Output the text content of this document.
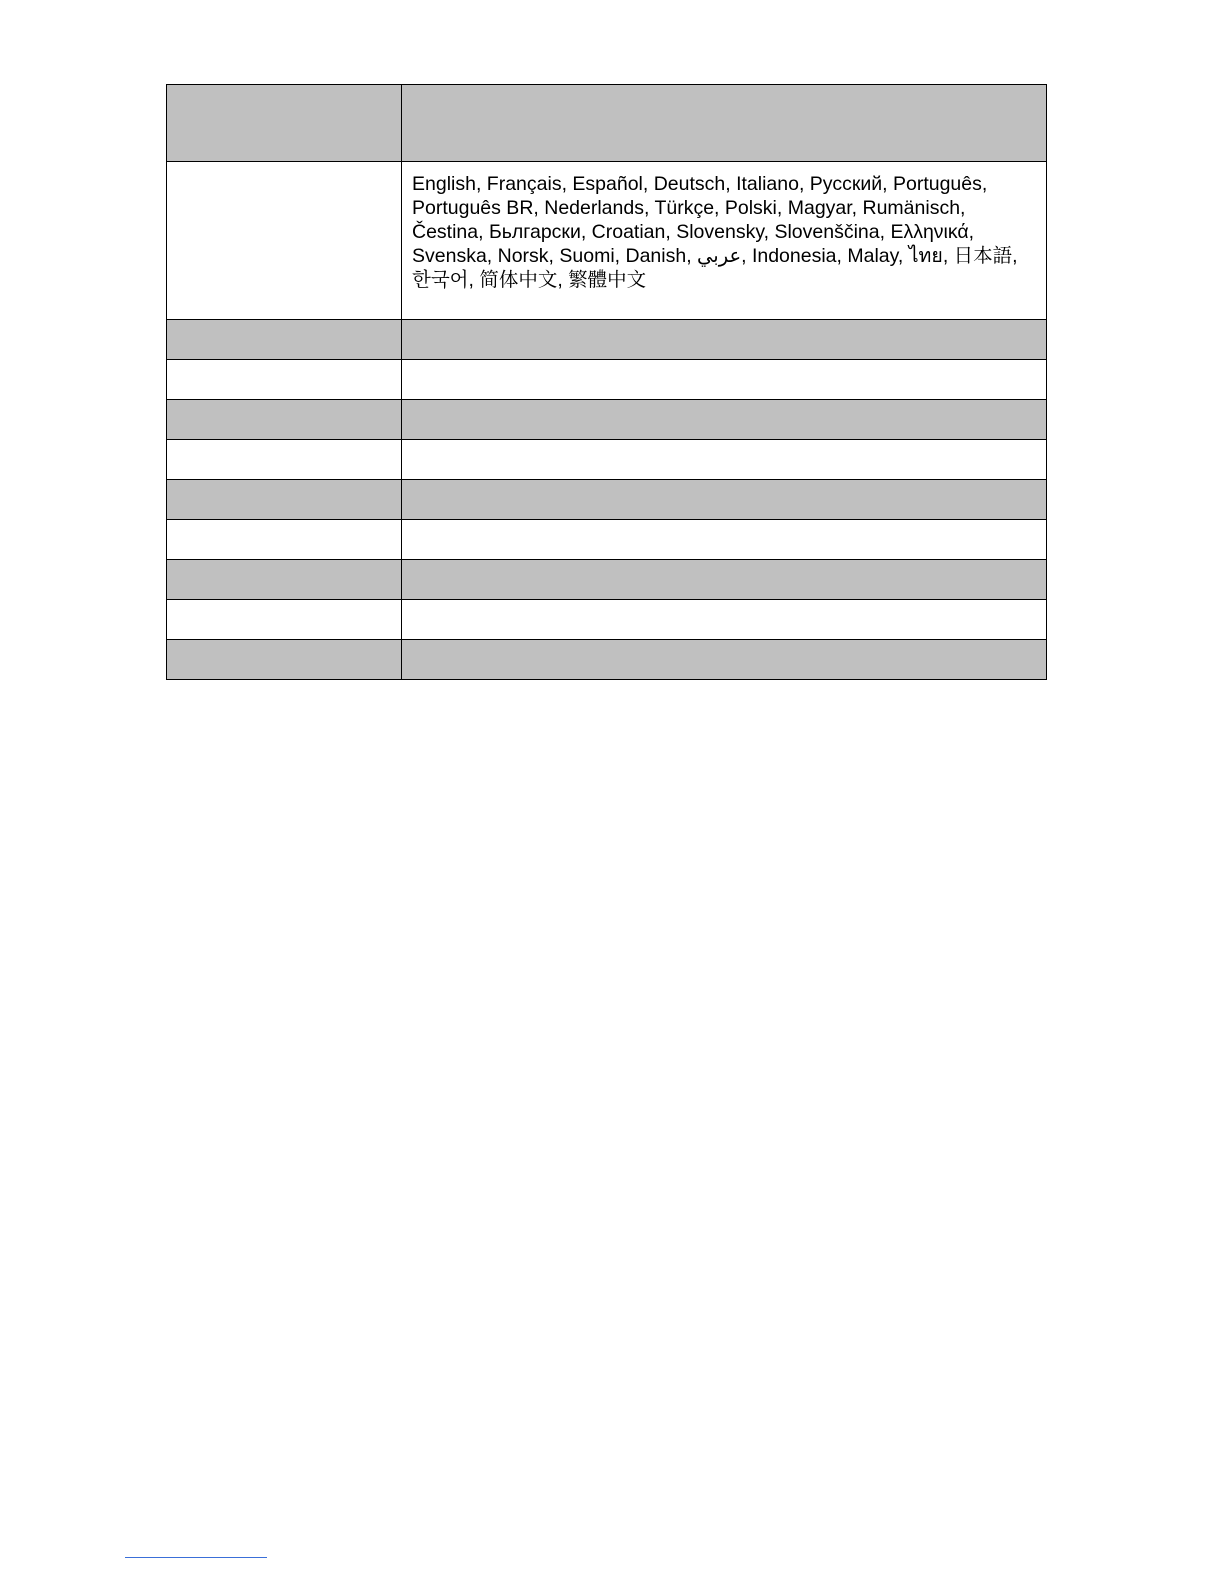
	English, Français, Español, Deutsch, Italiano, Русский, Português, Português BR, Nederlands, Türkçe, Polski, Magyar, Rumänisch, Čestina, Бьлгарски, Croatian, Slovensky, Slovenščina, Ελληνικά, Svenska, Norsk, Suomi, Danish, عربي, Indonesia, Malay, ไทย, 日本語, 한국어, 简体中文, 繁體中文
